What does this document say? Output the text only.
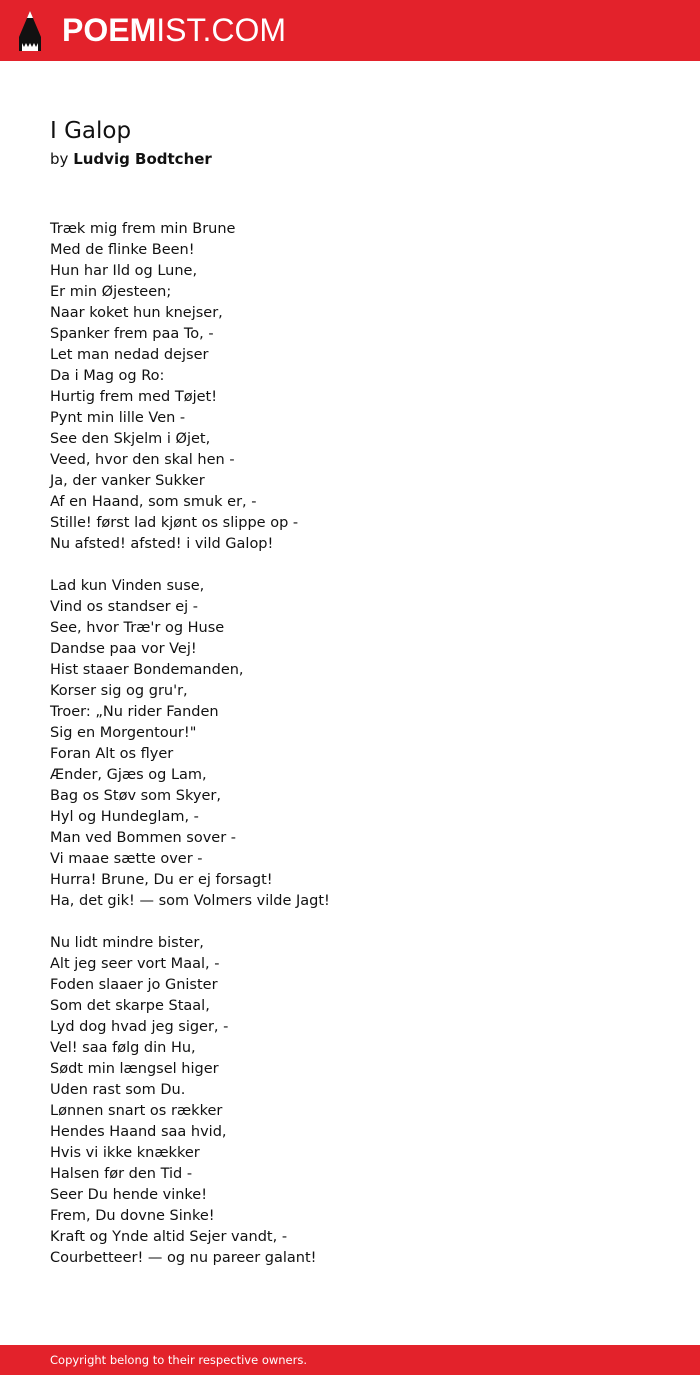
POEMIST.COM
I Galop
by Ludvig Bodtcher
Træk mig frem min Brune
Med de flinke Been!
Hun har Ild og Lune,
Er min Øjesteen;
Naar koket hun knejser,
Spanker frem paa To, -
Let man nedad dejser
Da i Mag og Ro:
Hurtig frem med Tøjet!
Pynt min lille Ven -
See den Skjelm i Øjet,
Veed, hvor den skal hen -
Ja, der vanker Sukker
Af en Haand, som smuk er, -
Stille! først lad kjønt os slippe op -
Nu afsted! afsted! i vild Galop!
Lad kun Vinden suse,
Vind os standser ej -
See, hvor Træ'r og Huse
Dandse paa vor Vej!
Hist staaer Bondemanden,
Korser sig og gru'r,
Troer: „Nu rider Fanden
Sig en Morgentour!"
Foran Alt os flyer
Ænder, Gjæs og Lam,
Bag os Støv som Skyer,
Hyl og Hundeglam, -
Man ved Bommen sover -
Vi maae sætte over -
Hurra! Brune, Du er ej forsagt!
Ha, det gik! — som Volmers vilde Jagt!
Nu lidt mindre bister,
Alt jeg seer vort Maal, -
Foden slaaer jo Gnister
Som det skarpe Staal,
Lyd dog hvad jeg siger, -
Vel! saa følg din Hu,
Sødt min længsel higer
Uden rast som Du.
Lønnen snart os rækker
Hendes Haand saa hvid,
Hvis vi ikke knækker
Halsen før den Tid -
Seer Du hende vinke!
Frem, Du dovne Sinke!
Kraft og Ynde altid Sejer vandt, -
Courbetteer! — og nu pareer galant!
Copyright belong to their respective owners.
